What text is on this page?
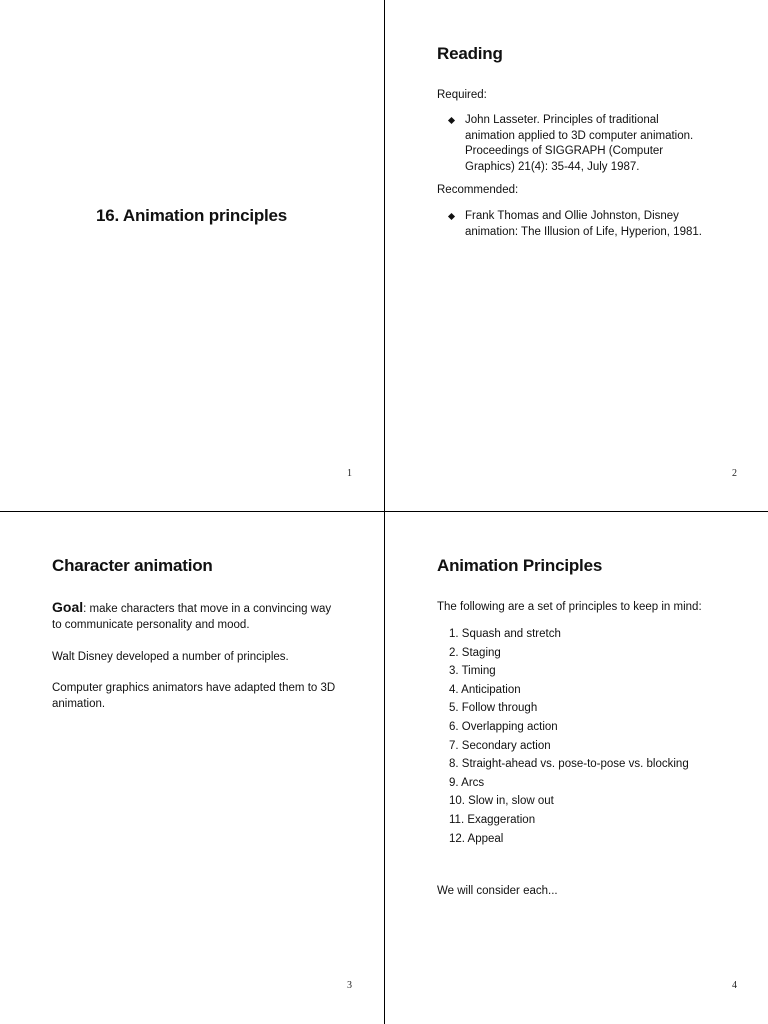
16. Animation principles
1
Reading
Required:
John Lasseter. Principles of traditional animation applied to 3D computer animation. Proceedings of SIGGRAPH (Computer Graphics) 21(4): 35-44, July 1987.
Recommended:
Frank Thomas and Ollie Johnston, Disney animation: The Illusion of Life, Hyperion, 1981.
2
Character animation
Goal: make characters that move in a convincing way to communicate personality and mood.
Walt Disney developed a number of principles.
Computer graphics animators have adapted them to 3D animation.
3
Animation Principles
The following are a set of principles to keep in mind:
1. Squash and stretch
2. Staging
3. Timing
4. Anticipation
5. Follow through
6. Overlapping action
7. Secondary action
8. Straight-ahead vs. pose-to-pose vs. blocking
9. Arcs
10. Slow in, slow out
11. Exaggeration
12. Appeal
We will consider each...
4
